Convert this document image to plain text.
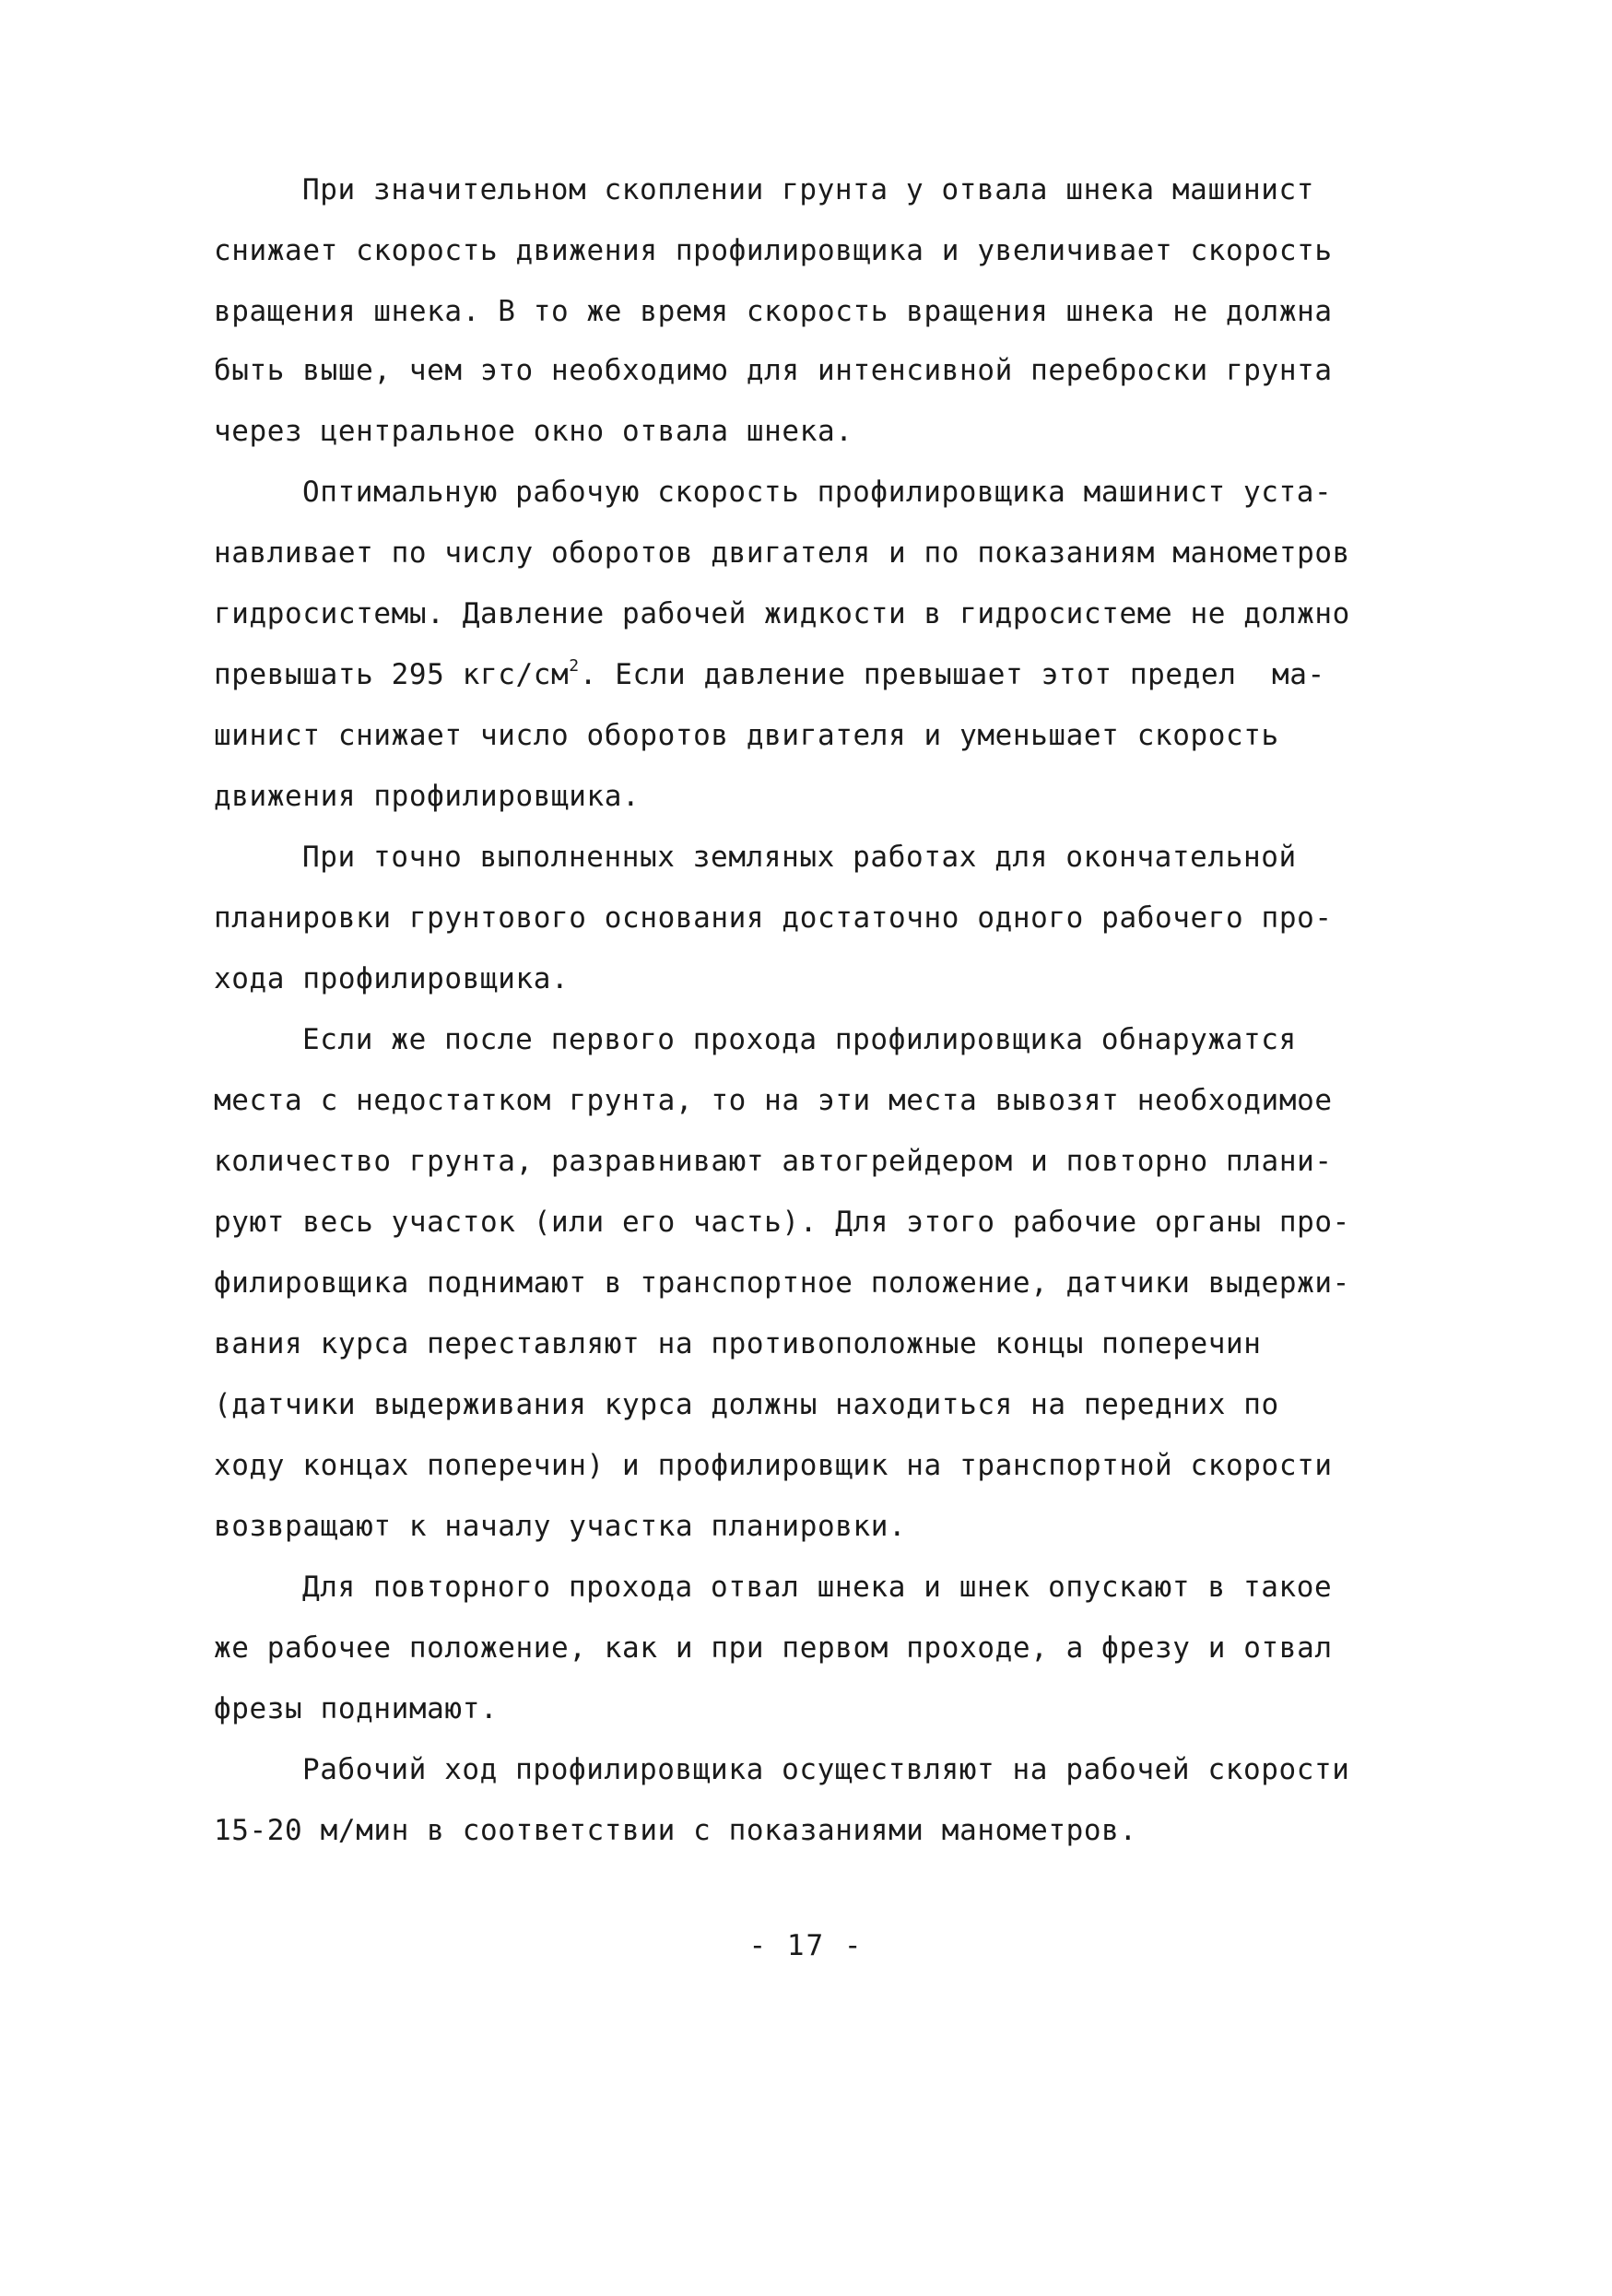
При значительном скоплении грунта у отвала шнека машинист
снижает скорость движения профилировщика и увеличивает скорость
вращения шнека. В то же время скорость вращения шнека не должна
быть выше, чем это необходимо для интенсивной переброски грунта
через центральное окно отвала шнека.
Оптимальную рабочую скорость профилировщика машинист уста-
навливает по числу оборотов двигателя и по показаниям манометров
гидросистемы. Давление рабочей жидкости в гидросистеме не должно
превышать 295 кгс/$см^2$. Если давление превышает этот предел  ма-
шинист снижает число оборотов двигателя и уменьшает скорость
движения профилировщика.
При точно выполненных земляных работах для окончательной
планировки грунтового основания достаточно одного рабочего про-
хода профилировщика.
Если же после первого прохода профилировщика обнаружатся
места с недостатком грунта, то на эти места вывозят необходимое
количество грунта, разравнивают автогрейдером и повторно плани-
руют весь участок (или его часть). Для этого рабочие органы про-
филировщика поднимают в транспортное положение, датчики выдержи-
вания курса переставляют на противоположные концы поперечин
(датчики выдерживания курса должны находиться на передних по
ходу концах поперечин) и профилировщик на транспортной скорости
возвращают к началу участка планировки.
Для повторного прохода отвал шнека и шнек опускают в такое
же рабочее положение, как и при первом проходе, а фрезу и отвал
фрезы поднимают.
Рабочий ход профилировщика осуществляют на рабочей скорости
15-20 м/мин в соответствии с показаниями манометров.
- 17 -
